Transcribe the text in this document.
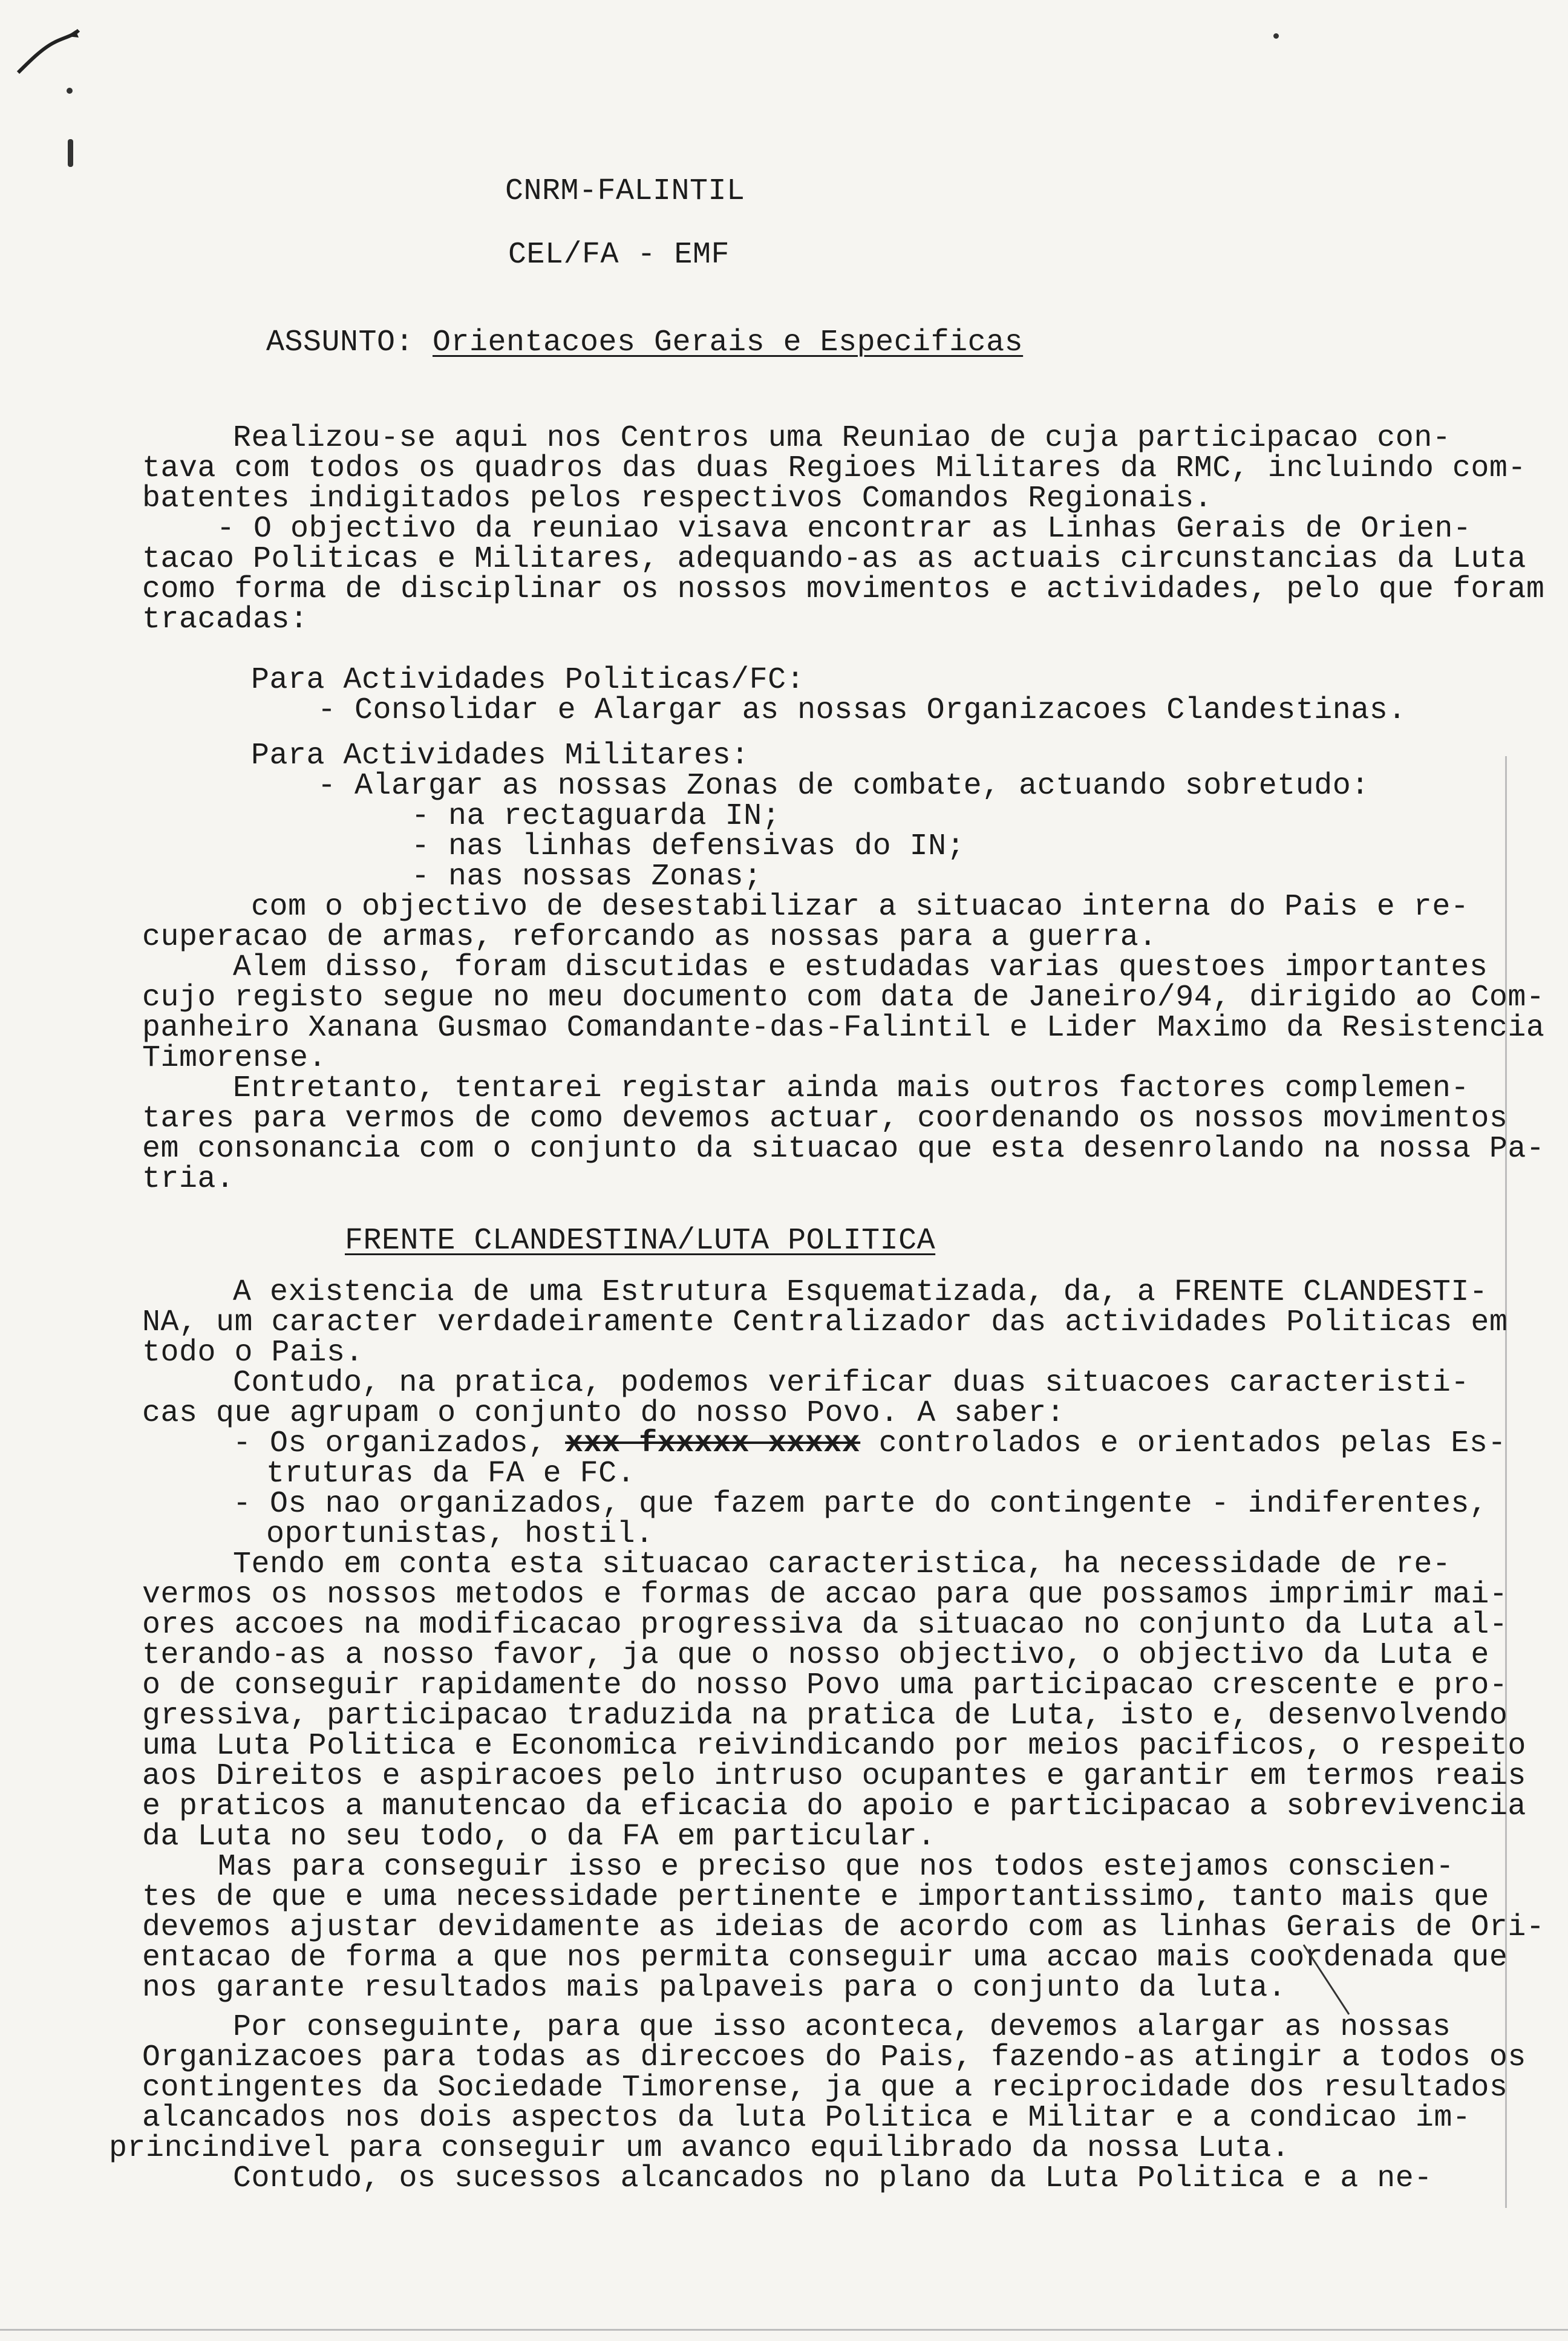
CNRM-FALINTIL
CEL/FA - EMF
ASSUNTO: Orientacoes Gerais e Especificas
Realizou-se aqui nos Centros uma Reuniao de cuja participacao con-
tava com todos os quadros das duas Regioes Militares da RMC, incluindo com-
batentes indigitados pelos respectivos Comandos Regionais.
- O objectivo da reuniao visava encontrar as Linhas Gerais de Orien-
tacao Politicas e Militares, adequando-as as actuais circunstancias da Luta
como forma de disciplinar os nossos movimentos e actividades, pelo que foram
tracadas:
Para Actividades Politicas/FC:
- Consolidar e Alargar as nossas Organizacoes Clandestinas.
Para Actividades Militares:
- Alargar as nossas Zonas de combate, actuando sobretudo:
- na rectaguarda IN;
- nas linhas defensivas do IN;
- nas nossas Zonas;
com o objectivo de desestabilizar a situacao interna do Pais e re-
cuperacao de armas, reforcando as nossas para a guerra.
Alem disso, foram discutidas e estudadas varias questoes importantes
cujo registo segue no meu documento com data de Janeiro/94, dirigido ao Com-
panheiro Xanana Gusmao Comandante-das-Falintil e Lider Maximo da Resistencia
Timorense.
Entretanto, tentarei registar ainda mais outros factores complemen-
tares para vermos de como devemos actuar, coordenando os nossos movimentos
em consonancia com o conjunto da situacao que esta desenrolando na nossa Pa-
tria.
FRENTE CLANDESTINA/LUTA POLITICA
A existencia de uma Estrutura Esquematizada, da, a FRENTE CLANDESTI-
NA, um caracter verdadeiramente Centralizador das actividades Politicas em
todo o Pais.
Contudo, na pratica, podemos verificar duas situacoes caracteristi-
cas que agrupam o conjunto do nosso Povo. A saber:
- Os organizados, xxx fxxxxx xxxxx controlados e orientados pelas Es-
truturas da FA e FC.
- Os nao organizados, que fazem parte do contingente - indiferentes,
oportunistas, hostil.
Tendo em conta esta situacao caracteristica, ha necessidade de re-
vermos os nossos metodos e formas de accao para que possamos imprimir mai-
ores accoes na modificacao progressiva da situacao no conjunto da Luta al-
terando-as a nosso favor, ja que o nosso objectivo, o objectivo da Luta e
o de conseguir rapidamente do nosso Povo uma participacao crescente e pro-
gressiva, participacao traduzida na pratica de Luta, isto e, desenvolvendo
uma Luta Politica e Economica reivindicando por meios pacificos, o respeito
aos Direitos e aspiracoes pelo intruso ocupantes e garantir em termos reais
e praticos a manutencao da eficacia do apoio e participacao a sobrevivencia
da Luta no seu todo, o da FA em particular.
Mas para conseguir isso e preciso que nos todos estejamos conscien-
tes de que e uma necessidade pertinente e importantissimo, tanto mais que
devemos ajustar devidamente as ideias de acordo com as linhas Gerais de Ori-
entacao de forma a que nos permita conseguir uma accao mais coordenada que
nos garante resultados mais palpaveis para o conjunto da luta.
Por conseguinte, para que isso aconteca, devemos alargar as nossas
Organizacoes para todas as direccoes do Pais, fazendo-as atingir a todos os
contingentes da Sociedade Timorense, ja que a reciprocidade dos resultados
alcancados nos dois aspectos da luta Politica e Militar e a condicao im-
princindivel para conseguir um avanco equilibrado da nossa Luta.
Contudo, os sucessos alcancados no plano da Luta Politica e a ne-
